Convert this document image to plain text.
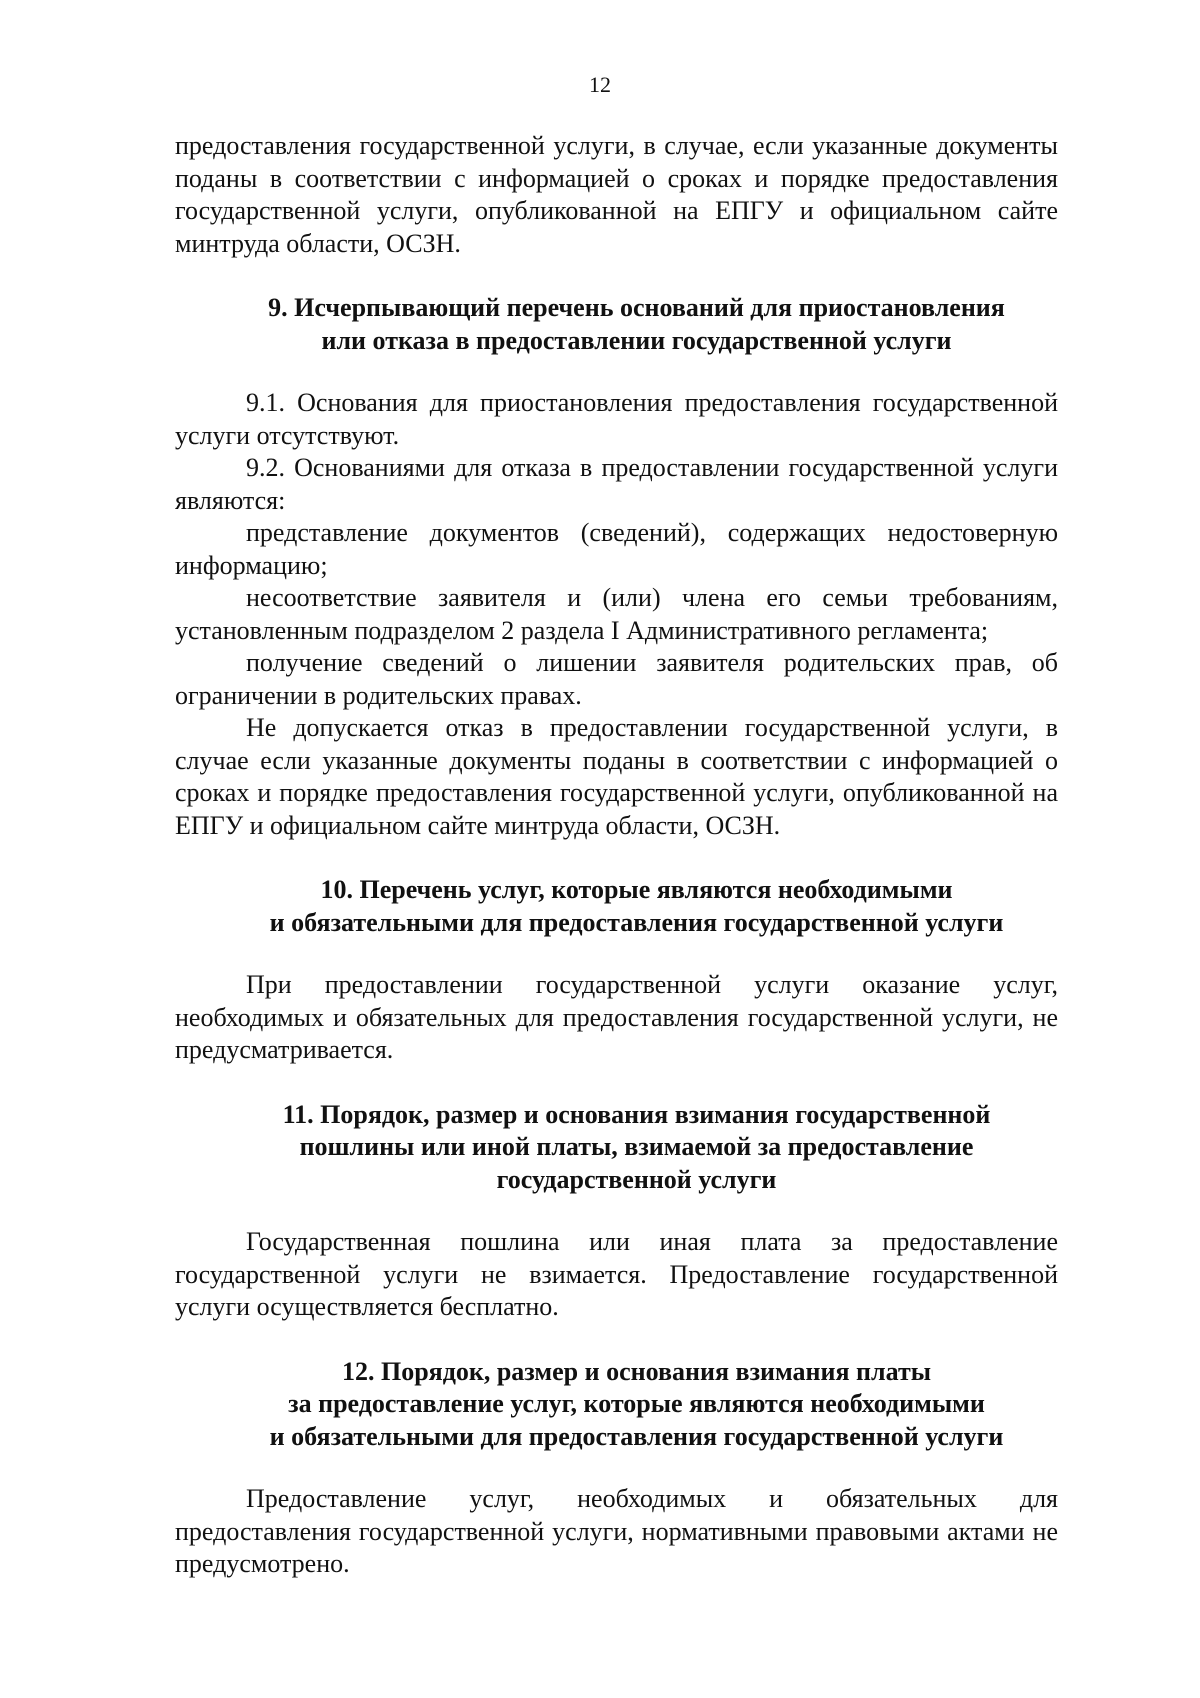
12

предоставления государственной услуги, в случае, если указанные документы поданы в соответствии с информацией о сроках и порядке предоставления государственной услуги, опубликованной на ЕПГУ и официальном сайте минтруда области, ОСЗН.

9. Исчерпывающий перечень оснований для приостановления

или отказа в предоставлении государственной услуги

9.1. Основания для приостановления предоставления государственной услуги отсутствуют.

9.2. Основаниями для отказа в предоставлении государственной услуги являются:

представление документов (сведений), содержащих недостоверную информацию;

несоответствие заявителя и (или) члена его семьи требованиям, установленным подразделом 2 раздела I Административного регламента;

получение сведений о лишении заявителя родительских прав, об ограничении в родительских правах.

Не допускается отказ в предоставлении государственной услуги, в случае если указанные документы поданы в соответствии с информацией о сроках и порядке предоставления государственной услуги, опубликованной на ЕПГУ и официальном сайте минтруда области, ОСЗН.

10. Перечень услуг, которые являются необходимыми

и обязательными для предоставления государственной услуги

При предоставлении государственной услуги оказание услуг, необходимых и обязательных для предоставления государственной услуги, не предусматривается.

11. Порядок, размер и основания взимания государственной

пошлины или иной платы, взимаемой за предоставление

государственной услуги

Государственная пошлина или иная плата за предоставление государственной услуги не взимается. Предоставление государственной услуги осуществляется бесплатно.

12. Порядок, размер и основания взимания платы

за предоставление услуг, которые являются необходимыми

и обязательными для предоставления государственной услуги

Предоставление услуг, необходимых и обязательных для предоставления государственной услуги, нормативными правовыми актами не предусмотрено.
